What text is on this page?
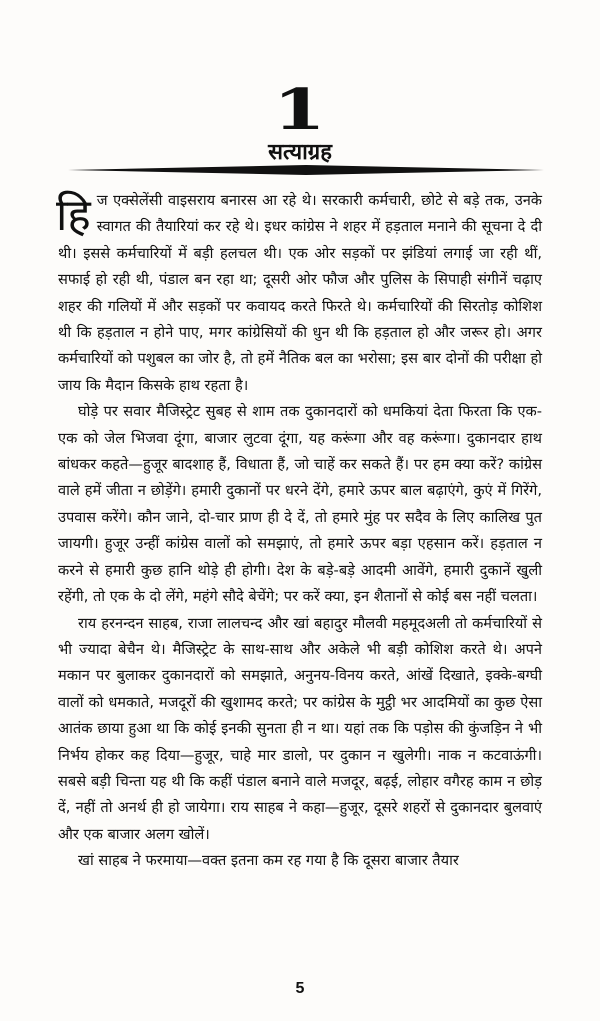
1
सत्याग्रह

हि ज एक्सेलेंसी वाइसराय बनारस आ रहे थे। सरकारी कर्मचारी, छोटे से बड़े तक, उनके स्वागत की तैयारियां कर रहे थे। इधर कांग्रेस ने शहर में हड़ताल मनाने की सूचना दे दी थी। इससे कर्मचारियों में बड़ी हलचल थी। एक ओर सड़कों पर झंडियां लगाई जा रही थीं, सफाई हो रही थी, पंडाल बन रहा था; दूसरी ओर फौज और पुलिस के सिपाही संगीनें चढ़ाए शहर की गलियों में और सड़कों पर कवायद करते फिरते थे। कर्मचारियों की सिरतोड़ कोशिश थी कि हड़ताल न होने पाए, मगर कांग्रेसियों की धुन थी कि हड़ताल हो और जरूर हो। अगर कर्मचारियों को पशुबल का जोर है, तो हमें नैतिक बल का भरोसा; इस बार दोनों की परीक्षा हो जाय कि मैदान किसके हाथ रहता है।

घोड़े पर सवार मैजिस्ट्रेट सुबह से शाम तक दुकानदारों को धमकियां देता फिरता कि एक-एक को जेल भिजवा दूंगा, बाजार लुटवा दूंगा, यह करूंगा और वह करूंगा। दुकानदार हाथ बांधकर कहते—हुजूर बादशाह हैं, विधाता हैं, जो चाहें कर सकते हैं। पर हम क्या करें? कांग्रेस वाले हमें जीता न छोड़ेंगे। हमारी दुकानों पर धरने देंगे, हमारे ऊपर बाल बढ़ाएंगे, कुएं में गिरेंगे, उपवास करेंगे। कौन जाने, दो-चार प्राण ही दे दें, तो हमारे मुंह पर सदैव के लिए कालिख पुत जायगी। हुजूर उन्हीं कांग्रेस वालों को समझाएं, तो हमारे ऊपर बड़ा एहसान करें। हड़ताल न करने से हमारी कुछ हानि थोड़े ही होगी। देश के बड़े-बड़े आदमी आवेंगे, हमारी दुकानें खुली रहेंगी, तो एक के दो लेंगे, महंगे सौदे बेचेंगे; पर करें क्या, इन शैतानों से कोई बस नहीं चलता।

राय हरनन्दन साहब, राजा लालचन्द और खां बहादुर मौलवी महमूदअली तो कर्मचारियों से भी ज्यादा बेचैन थे। मैजिस्ट्रेट के साथ-साथ और अकेले भी बड़ी कोशिश करते थे। अपने मकान पर बुलाकर दुकानदारों को समझाते, अनुनय-विनय करते, आंखें दिखाते, इक्के-बग्घी वालों को धमकाते, मजदूरों की खुशामद करते; पर कांग्रेस के मुट्ठी भर आदमियों का कुछ ऐसा आतंक छाया हुआ था कि कोई इनकी सुनता ही न था। यहां तक कि पड़ोस की कुंजड़िन ने भी निर्भय होकर कह दिया—हुजूर, चाहे मार डालो, पर दुकान न खुलेगी। नाक न कटवाऊंगी। सबसे बड़ी चिन्ता यह थी कि कहीं पंडाल बनाने वाले मजदूर, बढ़ई, लोहार वगैरह काम न छोड़ दें, नहीं तो अनर्थ ही हो जायेगा। राय साहब ने कहा—हुजूर, दूसरे शहरों से दुकानदार बुलवाएं और एक बाजार अलग खोलें।

खां साहब ने फरमाया—वक्त इतना कम रह गया है कि दूसरा बाजार तैयार

5
